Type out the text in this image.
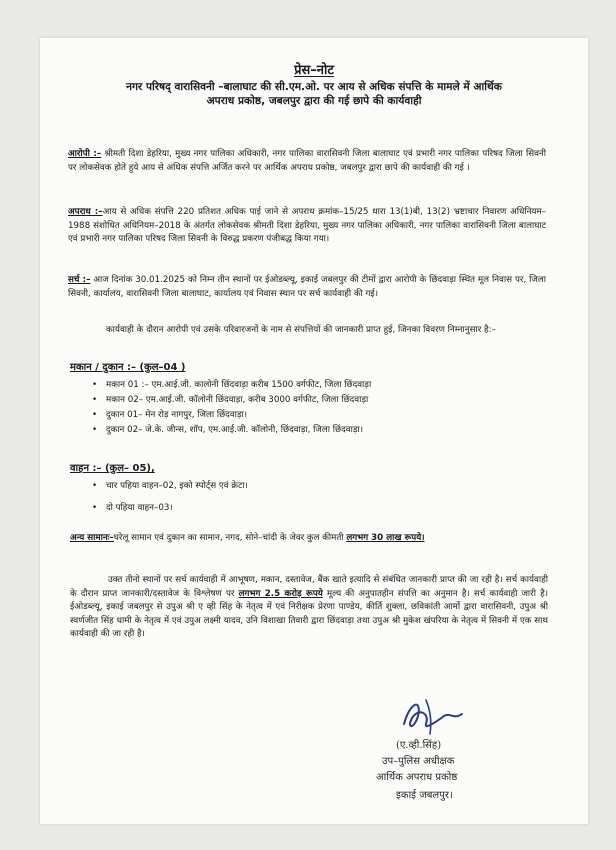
प्रेस–नोट
नगर परिषद् वारासिवनी –बालाघाट की सी.एम.ओ. पर आय से अधिक संपत्ति के मामले में आर्थिक अपराध प्रकोष्ठ, जबलपुर द्वारा की गई छापे की कार्यवाही

आरोपी :– श्रीमती दिशा डेहरिया, मुख्य नगर पालिका अधिकारी, नगर पालिका वारासिवनी जिला बालाघाट एवं प्रभारी नगर पालिका परिषद जिला सिवनी पर लोकसेवक होते हुये आय से अधिक संपत्ति अर्जित करने पर आर्थिक अपराध प्रकोष्ठ, जबलपुर द्वारा छापे की कार्यवाही की गई ।

अपराध :–आय से अधिक संपत्ति 220 प्रतिशत अधिक पाई जाने से अपराध क्रमांक–15/25 धारा 13(1)बी, 13(2) भ्रष्टाचार निवारण अधिनियम–1988 संशोधित अधिनियम–2018 के अंतर्गत लोकसेवक श्रीमती दिशा डेहरिया, मुख्य नगर पालिका अधिकारी, नगर पालिका वारासिवनी जिला बालाघाट एवं प्रभारी नगर पालिका परिषद जिला सिवनी के विरुद्ध प्रकरण पंजीबद्ध किया गया।

सर्च :– आज दिनांक 30.01.2025 को निम्न तीन स्थानों पर ईओडब्ल्यू, इकाई जबलपुर की टीमों द्वारा आरोपी के छिंदवाड़ा स्थित मूल निवास पर, जिला सिवनी, कार्यालय, वारासिवनी जिला बालाघाट, कार्यालय एवं निवास स्थान पर सर्च कार्यवाही की गई।

कार्यवाही के दौरान आरोपी एवं उसके परिवारजनों के नाम से संपत्तियों की जानकारी प्राप्त हुई, जिनका विवरण निम्नानुसार है:–

मकान / दुकान :– (कुल–04 )
• मकान 01 :– एम.आई.जी. कालोनी छिंदवाड़ा करीब 1500 वर्गफीट, जिला छिंदवाड़ा
• मकान 02– एम.आई.जी. कॉलोनी छिंदवाड़ा, करीब 3000 वर्गफीट, जिला छिंदवाड़ा
• दुकान 01– मेन रोड़ नागपुर, जिला छिंदवाड़ा।
• दुकान 02– जे.के. जीन्स, शॉप, एम.आई.जी. कॉलोनी, छिंदवाड़ा, जिला छिंदवाड़ा।
वाहन :– (कुल– 05),
• चार पहिया वाहन–02, इको स्पोर्ट्स एवं क्रेटा।
• दो पहिया वाहन–03।

अन्य सामानः–घरेलू सामान एवं दुकान का सामान, नगद, सोने–चांदी के जेवर कुल कीमती लगभग 30 लाख रूपये।

उक्त तीनो स्थानों पर सर्च कार्यवाही में आभूषण, मकान, दस्तावेज, बैंक खाते इत्यादि से संबंधित जानकारी प्राप्त की जा रही है। सर्च कार्यवाही के दौरान प्राप्त जानकारी/दस्तावेज के विश्लेषण पर लगभग 2.5 करोड़ रूपये मूल्य की अनुपातहीन संपत्ति का अनुमान है। सर्च कार्यवाही जारी है। ईओडब्ल्यू, इकाई जबलपुर से उपुअ श्री ए व्ही सिंह के नेतृत्व में एवं निरीक्षक प्रेरणा पाण्डेय, कीर्ति शुक्ला, छविकांती आर्मो द्वारा वारासिवनी, उपुअ श्री स्वर्णजीत सिंह धामी के नेतृत्व में एवं उपुअ लक्ष्मी यादव, उनि विशाखा तिवारी द्वारा छिंदवाड़ा तथा उपुअ श्री मुकेश खंपरिया के नेतृत्व में सिवनी में एक साथ कार्यवाही की जा रही है।

(ए.व्ही.सिंह)
उप–पुलिस अधीक्षक
आर्थिक अपराध प्रकोष्ठ
इकाई जबलपुर।
